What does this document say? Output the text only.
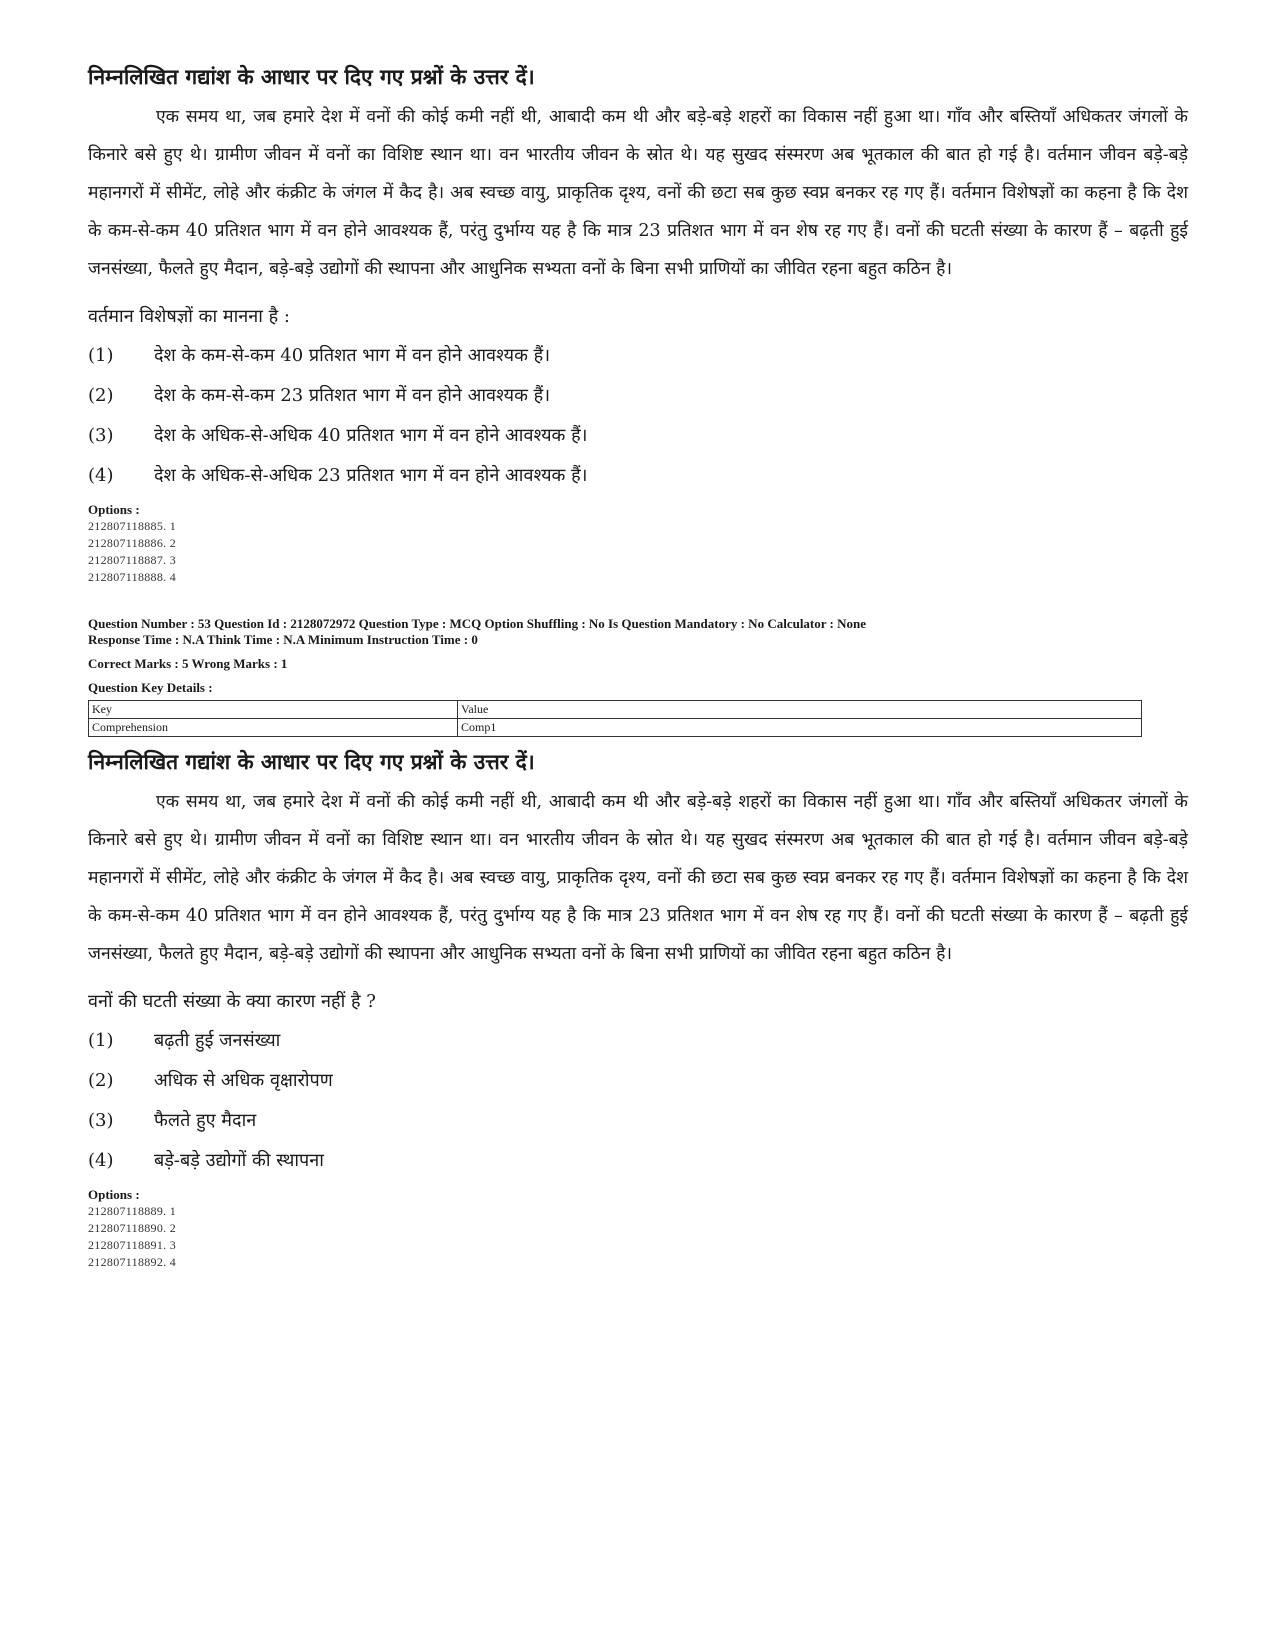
निम्नलिखित गद्यांश के आधार पर दिए गए प्रश्नों के उत्तर दें।

एक समय था, जब हमारे देश में वनों की कोई कमी नहीं थी, आबादी कम थी और बड़े-बड़े शहरों का विकास नहीं हुआ था। गाँव और बस्तियाँ अधिकतर जंगलों के किनारे बसे हुए थे। ग्रामीण जीवन में वनों का विशिष्ट स्थान था। वन भारतीय जीवन के स्रोत थे। यह सुखद संस्मरण अब भूतकाल की बात हो गई है। वर्तमान जीवन बड़े-बड़े महानगरों में सीमेंट, लोहे और कंक्रीट के जंगल में कैद है। अब स्वच्छ वायु, प्राकृतिक दृश्य, वनों की छटा सब कुछ स्वप्न बनकर रह गए हैं। वर्तमान विशेषज्ञों का कहना है कि देश के कम-से-कम 40 प्रतिशत भाग में वन होने आवश्यक हैं, परंतु दुर्भाग्य यह है कि मात्र 23 प्रतिशत भाग में वन शेष रह गए हैं। वनों की घटती संख्या के कारण हैं – बढ़ती हुई जनसंख्या, फैलते हुए मैदान, बड़े-बड़े उद्योगों की स्थापना और आधुनिक सभ्यता वनों के बिना सभी प्राणियों का जीवित रहना बहुत कठिन है।

वर्तमान विशेषज्ञों का मानना है :
(1)	देश के कम-से-कम 40 प्रतिशत भाग में वन होने आवश्यक हैं।
(2)	देश के कम-से-कम 23 प्रतिशत भाग में वन होने आवश्यक हैं।
(3)	देश के अधिक-से-अधिक 40 प्रतिशत भाग में वन होने आवश्यक हैं।
(4)	देश के अधिक-से-अधिक 23 प्रतिशत भाग में वन होने आवश्यक हैं।
Options :
212807118885. 1
212807118886. 2
212807118887. 3
212807118888. 4
Question Number : 53 Question Id : 2128072972 Question Type : MCQ Option Shuffling : No Is Question Mandatory : No Calculator : None
Response Time : N.A Think Time : N.A Minimum Instruction Time : 0
Correct Marks : 5 Wrong Marks : 1
Question Key Details :
Key	Value
Comprehension	Comp1
निम्नलिखित गद्यांश के आधार पर दिए गए प्रश्नों के उत्तर दें।

एक समय था, जब हमारे देश में वनों की कोई कमी नहीं थी, आबादी कम थी और बड़े-बड़े शहरों का विकास नहीं हुआ था। गाँव और बस्तियाँ अधिकतर जंगलों के किनारे बसे हुए थे। ग्रामीण जीवन में वनों का विशिष्ट स्थान था। वन भारतीय जीवन के स्रोत थे। यह सुखद संस्मरण अब भूतकाल की बात हो गई है। वर्तमान जीवन बड़े-बड़े महानगरों में सीमेंट, लोहे और कंक्रीट के जंगल में कैद है। अब स्वच्छ वायु, प्राकृतिक दृश्य, वनों की छटा सब कुछ स्वप्न बनकर रह गए हैं। वर्तमान विशेषज्ञों का कहना है कि देश के कम-से-कम 40 प्रतिशत भाग में वन होने आवश्यक हैं, परंतु दुर्भाग्य यह है कि मात्र 23 प्रतिशत भाग में वन शेष रह गए हैं। वनों की घटती संख्या के कारण हैं – बढ़ती हुई जनसंख्या, फैलते हुए मैदान, बड़े-बड़े उद्योगों की स्थापना और आधुनिक सभ्यता वनों के बिना सभी प्राणियों का जीवित रहना बहुत कठिन है।

वनों की घटती संख्या के क्या कारण नहीं है ?
(1)	बढ़ती हुई जनसंख्या
(2)	अधिक से अधिक वृक्षारोपण
(3)	फैलते हुए मैदान
(4)	बड़े-बड़े उद्योगों की स्थापना
Options :
212807118889. 1
212807118890. 2
212807118891. 3
212807118892. 4
